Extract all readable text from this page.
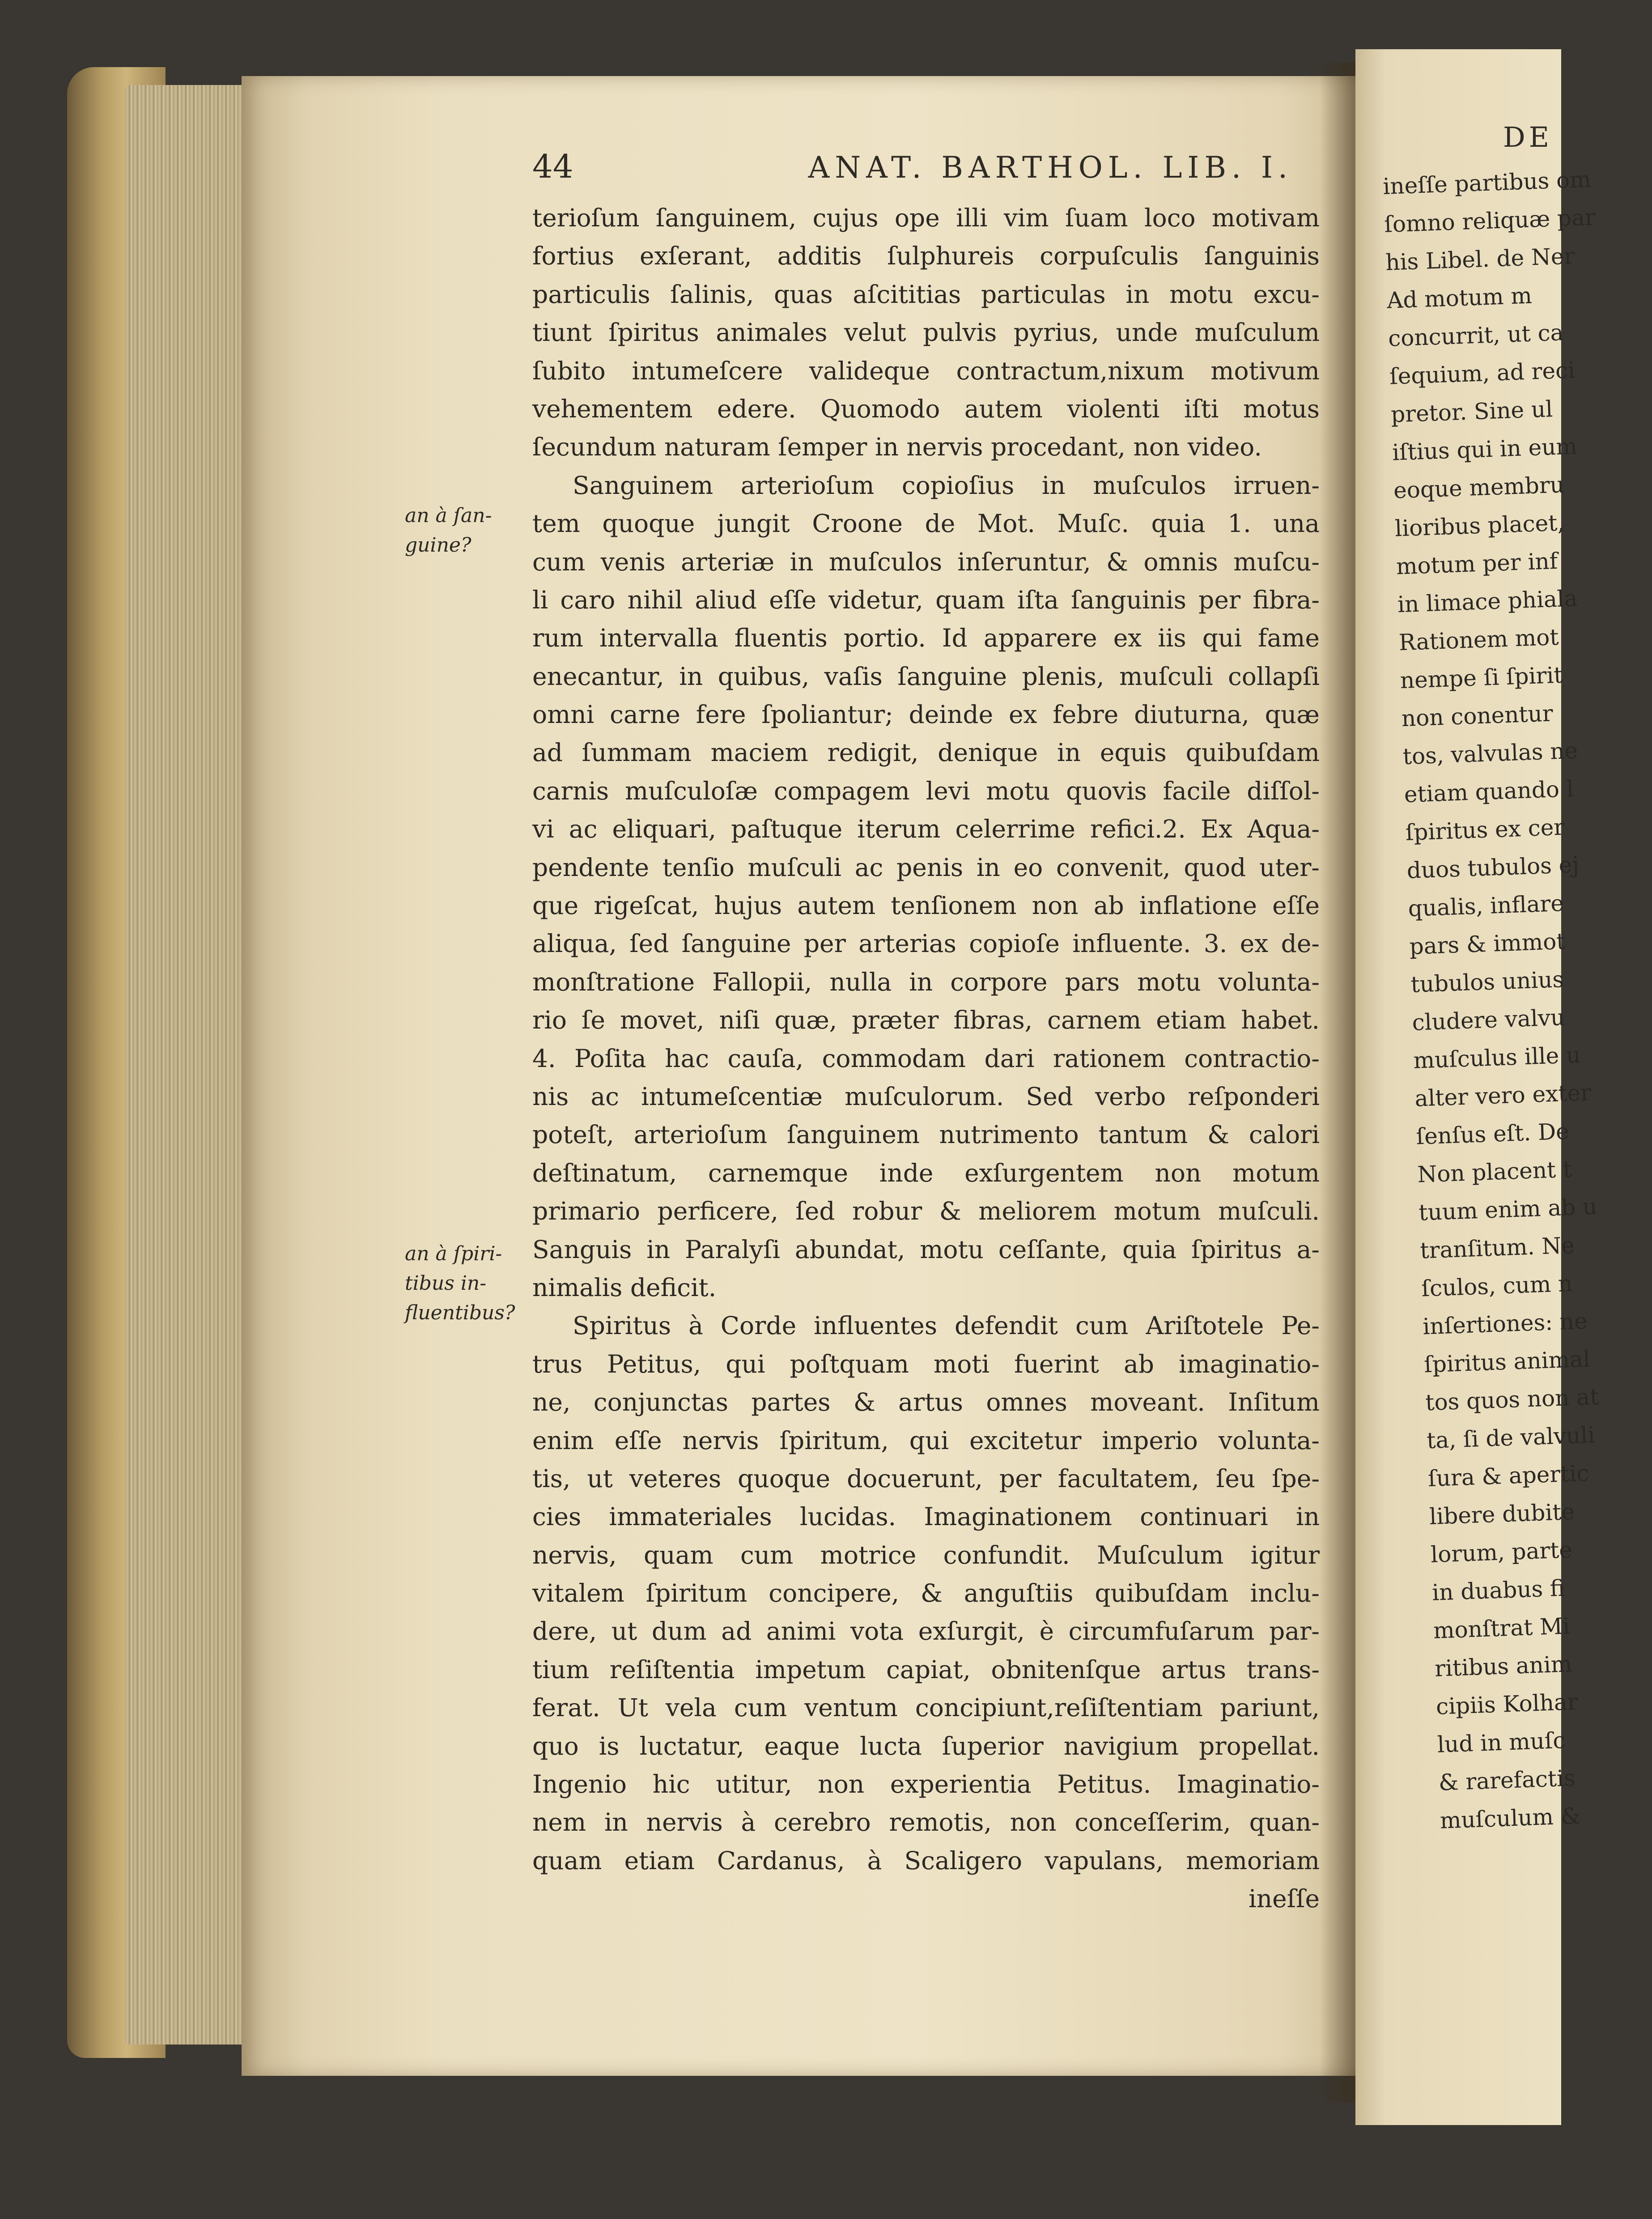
44	ANAT. BARTHOL. LIB. I.
an à ſan-
guine?
an à ſpiri-
tibus in-
fluentibus?
terioſum ſanguinem, cujus ope illi vim ſuam loco motivam
fortius exſerant, additis ſulphureis corpuſculis ſanguinis
particulis ſalinis, quas aſcititias particulas in motu excu-
tiunt ſpiritus animales velut pulvis pyrius, unde muſculum
ſubito intumeſcere valideque contractum,nixum motivum
vehementem edere. Quomodo autem violenti iſti motus
ſecundum naturam ſemper in nervis procedant, non video.
Sanguinem arterioſum copioſius in muſculos irruen-
tem quoque jungit Croone de Mot. Muſc. quia 1. una
cum venis arteriæ in muſculos inſeruntur, & omnis muſcu-
li caro nihil aliud eſſe videtur, quam iſta ſanguinis per fibra-
rum intervalla fluentis portio. Id apparere ex iis qui fame
enecantur, in quibus, vaſis ſanguine plenis, muſculi collapſi
omni carne fere ſpoliantur; deinde ex febre diuturna, quæ
ad ſummam maciem redigit, denique in equis quibuſdam
carnis muſculoſæ compagem levi motu quovis facile diſſol-
vi ac eliquari, paſtuque iterum celerrime refici.2. Ex Aqua-
pendente tenſio muſculi ac penis in eo convenit, quod uter-
que rigeſcat, hujus autem tenſionem non ab inflatione eſſe
aliqua, ſed ſanguine per arterias copioſe influente. 3. ex de-
monſtratione Fallopii, nulla in corpore pars motu volunta-
rio ſe movet, niſi quæ, præter fibras, carnem etiam habet.
4. Poſita hac cauſa, commodam dari rationem contractio-
nis ac intumeſcentiæ muſculorum. Sed verbo reſponderi
poteſt, arterioſum ſanguinem nutrimento tantum & calori
deſtinatum, carnemque inde exſurgentem non motum
primario perficere, ſed robur & meliorem motum muſculi.
Sanguis in Paralyſi abundat, motu ceſſante, quia ſpiritus a-
nimalis deficit.
Spiritus à Corde influentes defendit cum Ariſtotele Pe-
trus Petitus, qui poſtquam moti fuerint ab imaginatio-
ne, conjunctas partes & artus omnes moveant. Inſitum
enim eſſe nervis ſpiritum, qui excitetur imperio volunta-
tis, ut veteres quoque docuerunt, per facultatem, ſeu ſpe-
cies immateriales lucidas. Imaginationem continuari in
nervis, quam cum motrice confundit. Muſculum igitur
vitalem ſpiritum concipere, & anguſtiis quibuſdam inclu-
dere, ut dum ad animi vota exſurgit, è circumfuſarum par-
tium reſiſtentia impetum capiat, obnitenſque artus trans-
ferat. Ut vela cum ventum concipiunt,reſiſtentiam pariunt,
quo is luctatur, eaque lucta ſuperior navigium propellat.
Ingenio hic utitur, non experientia Petitus. Imaginatio-
nem in nervis à cerebro remotis, non conceſſerim, quan-
quam etiam Cardanus, à Scaligero vapulans, memoriam
ineſſe
DE
ineſſe partibus om
ſomno reliquæ par
his Libel. de Ner
Ad motum m
concurrit, ut ca
ſequium, ad reci
pretor. Sine ul
iſtius qui in eum
eoque membru
lioribus placet,
motum per inf
in limace phiala
Rationem mot
nempe ſi ſpirit
non conentur
tos, valvulas ne
etiam quando l
ſpiritus ex cer
duos tubulos ej
qualis, inflare
pars & immot
tubulos unius
cludere valvu
muſculus ille u
alter vero exter
ſenſus eſt. De
Non placent t
tuum enim ab u
tranſitum. Ne
ſculos, cum n
inſertiones: ne
ſpiritus animal
tos quos non at
ta, ſi de valvuli
ſura & apertic
libere dubite
lorum, parte
in duabus fi
monſtrat Mi
ritibus anim
cipiis Kolhar
lud in muſc
& rarefactis
muſculum &
